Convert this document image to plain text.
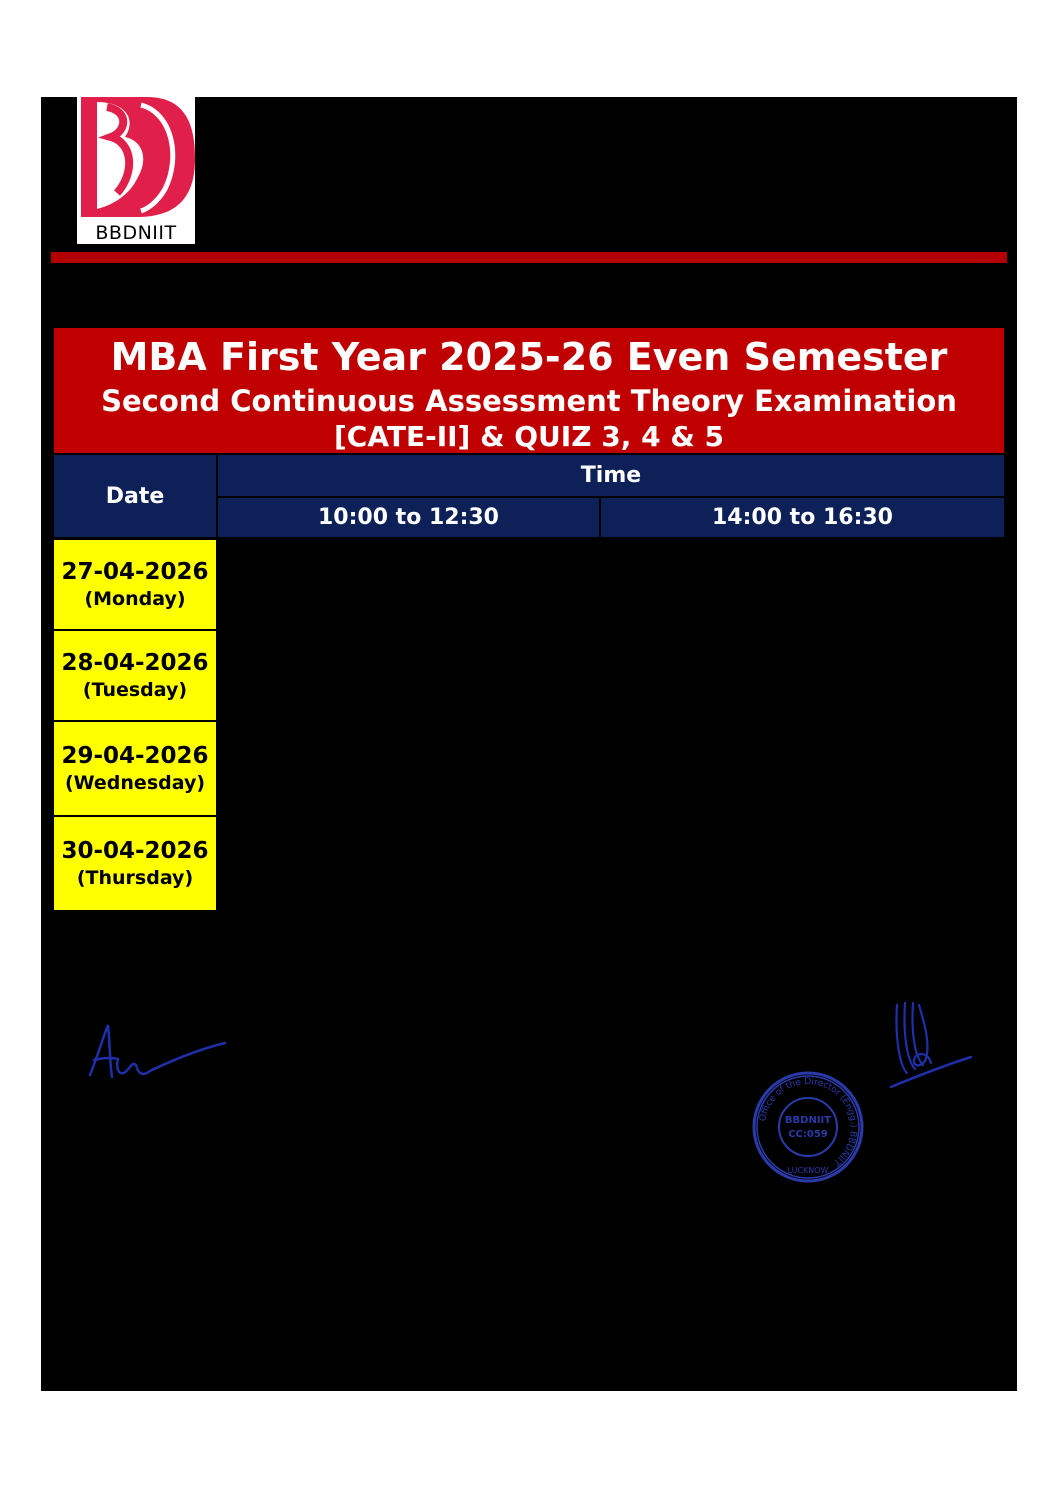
BBDNIIT
MBA First Year 2025-26 Even Semester
Second Continuous Assessment Theory Examination
[CATE-II] & QUIZ 3, 4 & 5
Date
Time
10:00 to 12:30	14:00 to 16:30
27-04-2026
(Monday)
28-04-2026
(Tuesday)
29-04-2026
(Wednesday)
30-04-2026
(Thursday)
Office of the Director (Engg.) BBDNIIT
BBDNIIT
CC:059
LUCKNOW
